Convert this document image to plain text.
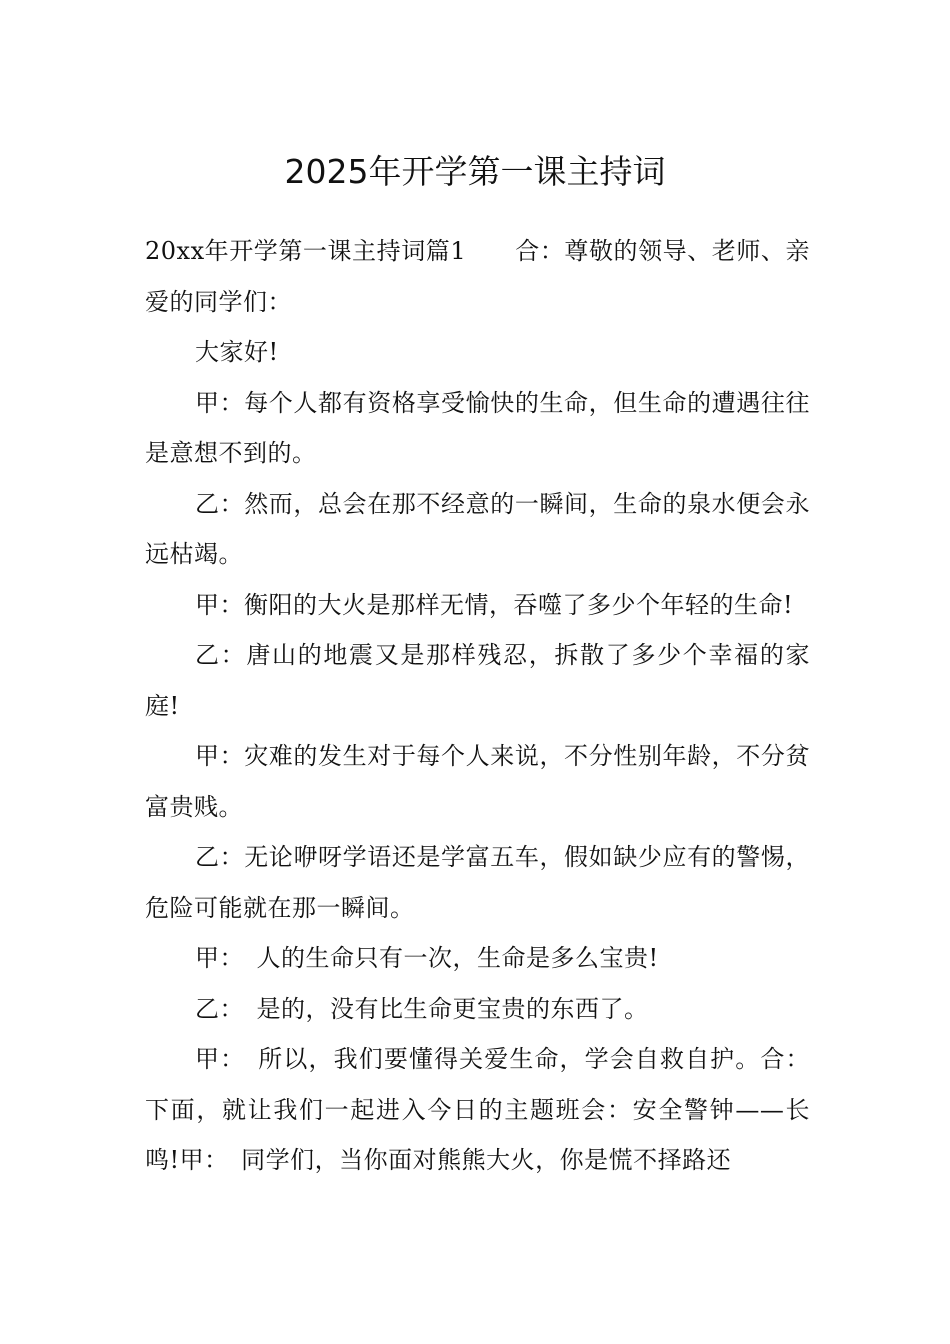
2025年开学第一课主持词

20xx年开学第一课主持词篇1　　合：尊敬的领导、老师、亲爱的同学们：

大家好!

甲：每个人都有资格享受愉快的生命，但生命的遭遇往往是意想不到的。

乙：然而，总会在那不经意的一瞬间，生命的泉水便会永远枯竭。

甲：衡阳的大火是那样无情，吞噬了多少个年轻的生命!

乙：唐山的地震又是那样残忍，拆散了多少个幸福的家庭!

甲：灾难的发生对于每个人来说，不分性别年龄，不分贫富贵贱。

乙：无论咿呀学语还是学富五车，假如缺少应有的警惕，危险可能就在那一瞬间。

甲：　人的生命只有一次，生命是多么宝贵!

乙：　是的，没有比生命更宝贵的东西了。

甲：　所以，我们要懂得关爱生命，学会自救自护。合：下面，就让我们一起进入今日的主题班会：安全警钟——长鸣!甲：　同学们，当你面对熊熊大火，你是慌不择路还
